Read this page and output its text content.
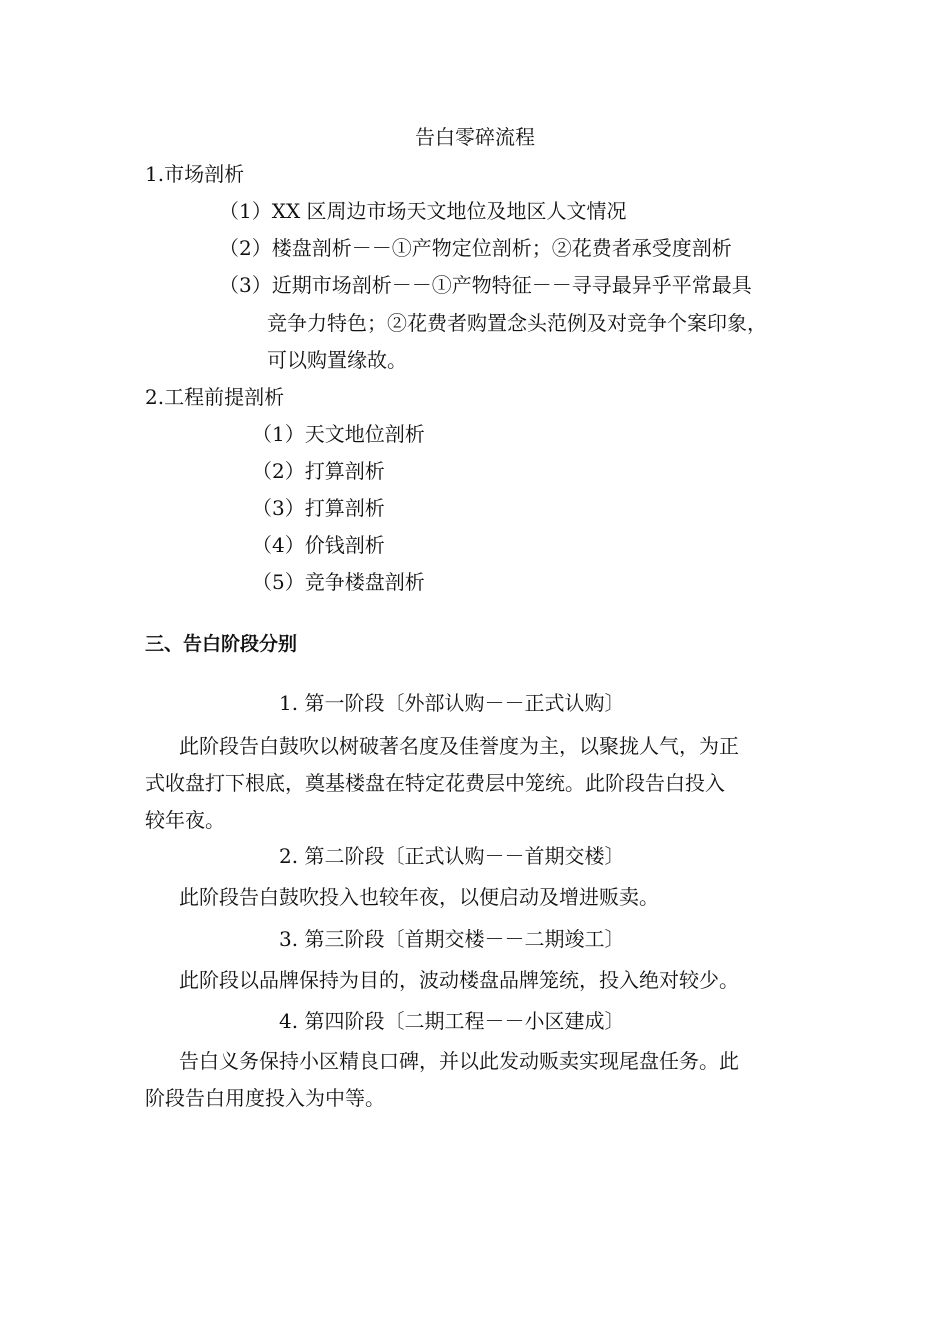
告白零碎流程
1.市场剖析
（1）XX 区周边市场天文地位及地区人文情况
（2）楼盘剖析－－①产物定位剖析；②花费者承受度剖析
（3）近期市场剖析－－①产物特征－－寻寻最异乎平常最具
竞争力特色；②花费者购置念头范例及对竞争个案印象，
可以购置缘故。
2.工程前提剖析
（1）天文地位剖析
（2）打算剖析
（3）打算剖析
（4）价钱剖析
（5）竞争楼盘剖析
三、告白阶段分别
1. 第一阶段〔外部认购－－正式认购〕
此阶段告白鼓吹以树破著名度及佳誉度为主，以聚拢人气，为正
式收盘打下根底，奠基楼盘在特定花费层中笼统。此阶段告白投入
较年夜。
2. 第二阶段〔正式认购－－首期交楼〕
此阶段告白鼓吹投入也较年夜，以便启动及增进贩卖。
3. 第三阶段〔首期交楼－－二期竣工〕
此阶段以品牌保持为目的，波动楼盘品牌笼统，投入绝对较少。
4. 第四阶段〔二期工程－－小区建成〕
告白义务保持小区精良口碑，并以此发动贩卖实现尾盘任务。此
阶段告白用度投入为中等。
